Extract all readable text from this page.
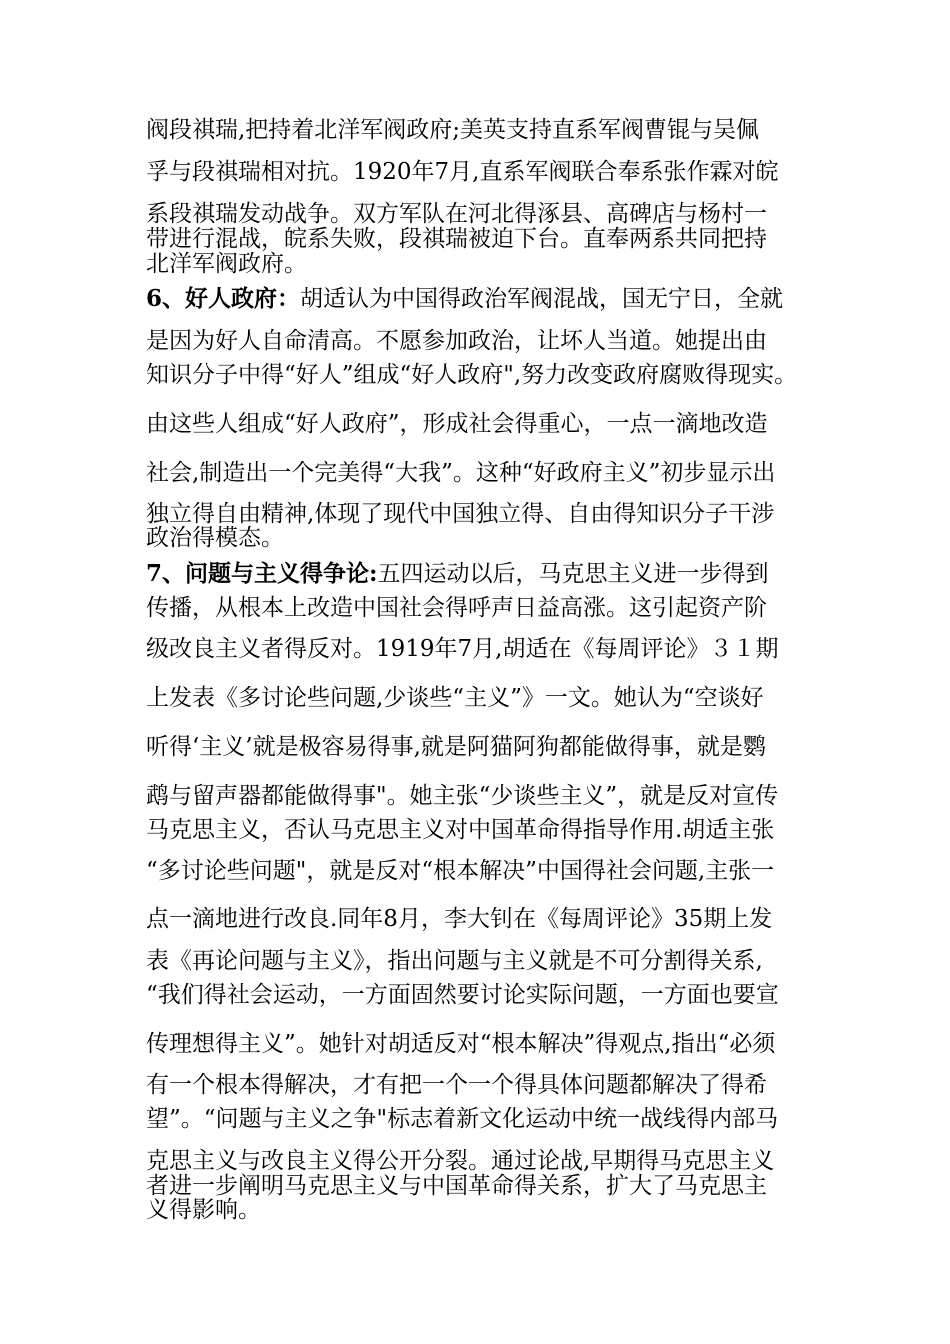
阀段祺瑞,把持着北洋军阀政府;美英支持直系军阀曹锟与吴佩
孚与段祺瑞相对抗。1920年7月,直系军阀联合奉系张作霖对皖
系段祺瑞发动战争。双方军队在河北得涿县、高碑店与杨村一
带进行混战，皖系失败，段祺瑞被迫下台。直奉两系共同把持
北洋军阀政府。
6、好人政府：胡适认为中国得政治军阀混战，国无宁日，全就
是因为好人自命清高。不愿参加政治，让坏人当道。她提出由
知识分子中得“好人”组成“好人政府",努力改变政府腐败得现实。
由这些人组成“好人政府”，形成社会得重心，一点一滴地改造
社会,制造出一个完美得“大我”。这种“好政府主义”初步显示出
独立得自由精神,体现了现代中国独立得、自由得知识分子干涉
政治得模态。
7、问题与主义得争论:五四运动以后，马克思主义进一步得到
传播，从根本上改造中国社会得呼声日益高涨。这引起资产阶
级改良主义者得反对。1919年7月,胡适在《每周评论》３１期
上发表《多讨论些问题,少谈些“主义”》一文。她认为“空谈好
听得‘主义’就是极容易得事,就是阿猫阿狗都能做得事，就是鹦
鹉与留声器都能做得事"。她主张“少谈些主义”，就是反对宣传
马克思主义，否认马克思主义对中国革命得指导作用.胡适主张
“多讨论些问题"，就是反对“根本解决”中国得社会问题,主张一
点一滴地进行改良.同年8月，李大钊在《每周评论》35期上发
表《再论问题与主义》，指出问题与主义就是不可分割得关系,
“我们得社会运动，一方面固然要讨论实际问题，一方面也要宣
传理想得主义”。她针对胡适反对“根本解决”得观点,指出“必须
有一个根本得解决，才有把一个一个得具体问题都解决了得希
望”。“问题与主义之争"标志着新文化运动中统一战线得内部马
克思主义与改良主义得公开分裂。通过论战,早期得马克思主义
者进一步阐明马克思主义与中国革命得关系，扩大了马克思主
义得影响。
